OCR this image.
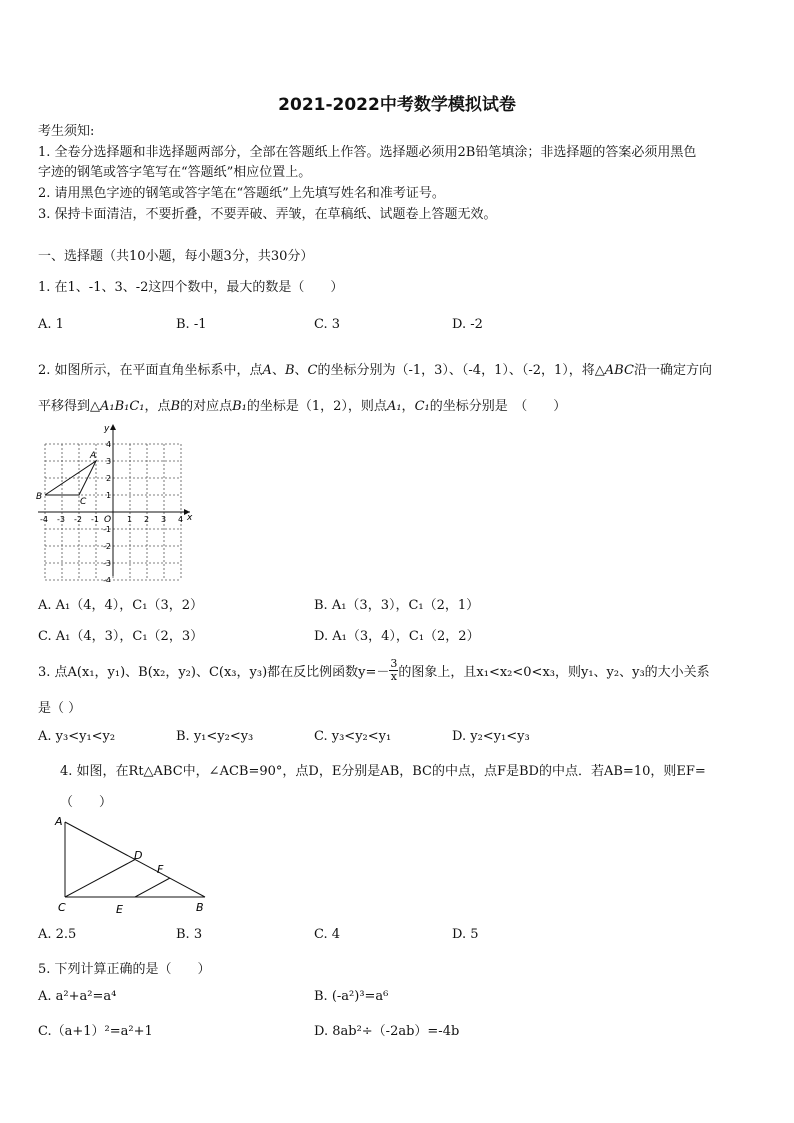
2021-2022中考数学模拟试卷
考生须知:
1. 全卷分选择题和非选择题两部分，全部在答题纸上作答。选择题必须用2B铅笔填涂；非选择题的答案必须用黑色
字迹的钢笔或答字笔写在“答题纸”相应位置上。
2. 请用黑色字迹的钢笔或答字笔在“答题纸”上先填写姓名和准考证号。
3. 保持卡面清洁，不要折叠，不要弄破、弄皱，在草稿纸、试题卷上答题无效。
一、选择题（共10小题，每小题3分，共30分）
1. 在1、-1、3、-2这四个数中，最大的数是（　　）
A. 1	B. -1	C. 3	D. -2
2. 如图所示，在平面直角坐标系中，点A、B、C的坐标分别为（-1，3）、（-4，1）、（-2，1），将△ABC沿一确定方向
平移得到△A₁B₁C₁，点B的对应点B₁的坐标是（1，2），则点A₁，C₁的坐标分别是　（　　）
x
y
O
-4 -3 -2 -1	1 2 3 4
4
3
2
1
-1
-2
-3
-4
A
B	C
A. A₁（4，4），C₁（3，2）	B. A₁（3，3），C₁（2，1）
C. A₁（4，3），C₁（2，3）	D. A₁（3，4），C₁（2，2）
3. 点A(x₁，y₁)、B(x₂，y₂)、C(x₃，y₃)都在反比例函数 $y=- \frac{3}{x}$ 的图象上，且x₁<x₂<0<x₃，则y₁、y₂、y₃的大小关系
是（ ）
A. y₃<y₁<y₂	B. y₁<y₂<y₃	C. y₃<y₂<y₁	D. y₂<y₁<y₃
4. 如图，在Rt△ABC中，∠ACB=90°，点D，E分别是AB，BC的中点，点F是BD的中点．若AB=10，则EF=
（　　）
A
B
C
D
E
F
A. 2.5	B. 3	C. 4	D. 5
5. 下列计算正确的是（　　）
A. a²+a²=a⁴	B. (-a²)³=a⁶
C.（a+1）²=a²+1	D. 8ab²÷（-2ab）=-4b
